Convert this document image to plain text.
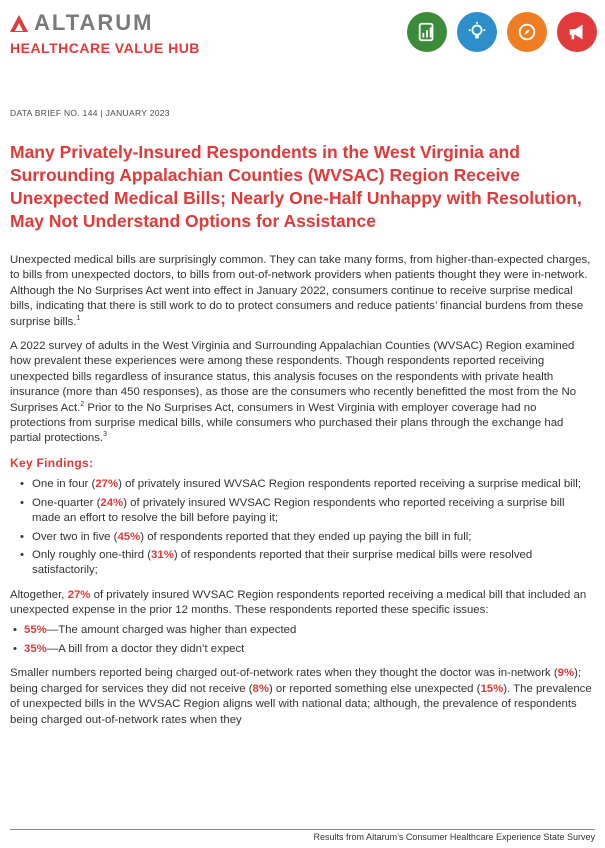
ALTARUM
HEALTHCARE VALUE HUB
DATA BRIEF NO. 144 | JANUARY 2023
Many Privately-Insured Respondents in the West Virginia and Surrounding Appalachian Counties (WVSAC) Region Receive Unexpected Medical Bills; Nearly One-Half Unhappy with Resolution, May Not Understand Options for Assistance

Unexpected medical bills are surprisingly common. They can take many forms, from higher-than-expected charges, to bills from unexpected doctors, to bills from out-of-network providers when patients thought they were in-network. Although the No Surprises Act went into effect in January 2022, consumers continue to receive surprise medical bills, indicating that there is still work to do to protect consumers and reduce patients’ financial burdens from these surprise bills.$^1$

A 2022 survey of adults in the West Virginia and Surrounding Appalachian Counties (WVSAC) Region examined how prevalent these experiences were among these respondents. Though respondents reported receiving unexpected bills regardless of insurance status, this analysis focuses on the respondents with private health insurance (more than 450 responses), as those are the consumers who recently benefitted the most from the No Surprises Act.$^2$ Prior to the No Surprises Act, consumers in West Virginia with employer coverage had no protections from surprise medical bills, while consumers who purchased their plans through the exchange had partial protections.$^3$

Key Findings:
• One in four (27%) of privately insured WVSAC Region respondents reported receiving a surprise medical bill;
• One-quarter (24%) of privately insured WVSAC Region respondents who reported receiving a surprise bill made an effort to resolve the bill before paying it;
• Over two in five (45%) of respondents reported that they ended up paying the bill in full;
• Only roughly one-third (31%) of respondents reported that their surprise medical bills were resolved satisfactorily;

Altogether, 27% of privately insured WVSAC Region respondents reported receiving a medical bill that included an unexpected expense in the prior 12 months. These respondents reported these specific issues:

• 55%—The amount charged was higher than expected
• 35%—A bill from a doctor they didn’t expect

Smaller numbers reported being charged out-of-network rates when they thought the doctor was in-network (9%); being charged for services they did not receive (8%) or reported something else unexpected (15%). The prevalence of unexpected bills in the WVSAC Region aligns well with national data; although, the prevalence of respondents being charged out-of-network rates when they

Results from Altarum’s Consumer Healthcare Experience State Survey
